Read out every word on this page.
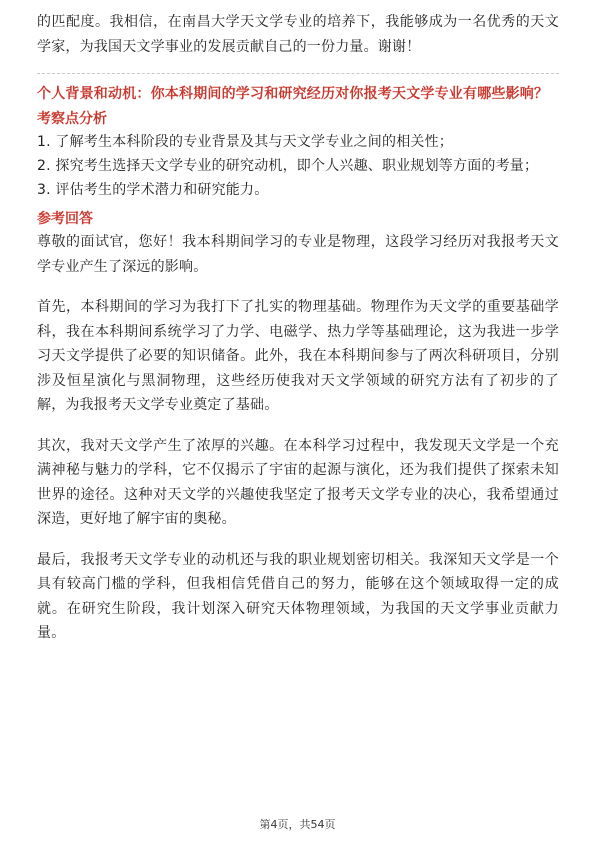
的匹配度。我相信，在南昌大学天文学专业的培养下，我能够成为一名优秀的天文学家，为我国天文学事业的发展贡献自己的一份力量。谢谢！

个人背景和动机：你本科期间的学习和研究经历对你报考天文学专业有哪些影响？

考察点分析

1. 了解考生本科阶段的专业背景及其与天文学专业之间的相关性；

2. 探究考生选择天文学专业的研究动机，即个人兴趣、职业规划等方面的考量；

3. 评估考生的学术潜力和研究能力。

参考回答

尊敬的面试官，您好！我本科期间学习的专业是物理，这段学习经历对我报考天文学专业产生了深远的影响。

首先，本科期间的学习为我打下了扎实的物理基础。物理作为天文学的重要基础学科，我在本科期间系统学习了力学、电磁学、热力学等基础理论，这为我进一步学习天文学提供了必要的知识储备。此外，我在本科期间参与了两次科研项目，分别涉及恒星演化与黑洞物理，这些经历使我对天文学领域的研究方法有了初步的了解，为我报考天文学专业奠定了基础。

其次，我对天文学产生了浓厚的兴趣。在本科学习过程中，我发现天文学是一个充满神秘与魅力的学科，它不仅揭示了宇宙的起源与演化，还为我们提供了探索未知世界的途径。这种对天文学的兴趣使我坚定了报考天文学专业的决心，我希望通过深造，更好地了解宇宙的奥秘。

最后，我报考天文学专业的动机还与我的职业规划密切相关。我深知天文学是一个具有较高门槛的学科，但我相信凭借自己的努力，能够在这个领域取得一定的成就。在研究生阶段，我计划深入研究天体物理领域，为我国的天文学事业贡献力量。

第4页，共54页
